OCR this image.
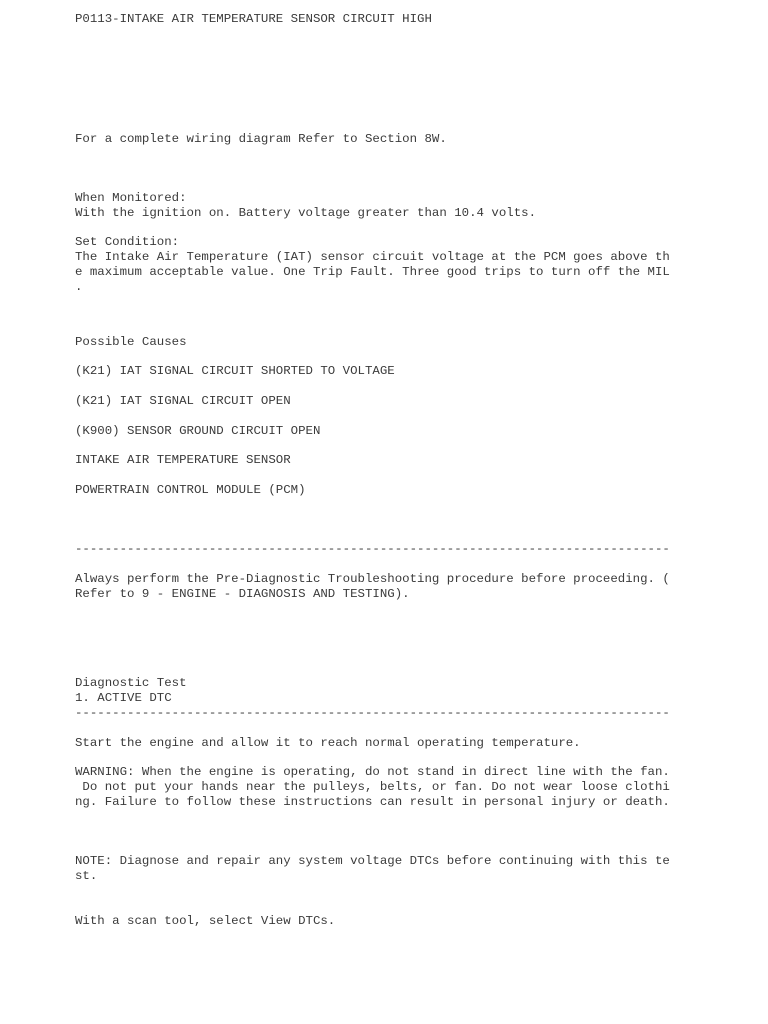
P0113-INTAKE AIR TEMPERATURE SENSOR CIRCUIT HIGH
For a complete wiring diagram Refer to Section 8W.
When Monitored:
With the ignition on. Battery voltage greater than 10.4 volts.
Set Condition:
The Intake Air Temperature (IAT) sensor circuit voltage at the PCM goes above th
e maximum acceptable value. One Trip Fault. Three good trips to turn off the MIL
.
Possible Causes
(K21) IAT SIGNAL CIRCUIT SHORTED TO VOLTAGE
(K21) IAT SIGNAL CIRCUIT OPEN
(K900) SENSOR GROUND CIRCUIT OPEN
INTAKE AIR TEMPERATURE SENSOR
POWERTRAIN CONTROL MODULE (PCM)
--------------------------------------------------------------------------------
Always perform the Pre-Diagnostic Troubleshooting procedure before proceeding. (
Refer to 9 - ENGINE - DIAGNOSIS AND TESTING).
Diagnostic Test
1. ACTIVE DTC
--------------------------------------------------------------------------------
Start the engine and allow it to reach normal operating temperature.
WARNING: When the engine is operating, do not stand in direct line with the fan.
Do not put your hands near the pulleys, belts, or fan. Do not wear loose clothi
ng. Failure to follow these instructions can result in personal injury or death.
NOTE: Diagnose and repair any system voltage DTCs before continuing with this te
st.
With a scan tool, select View DTCs.
